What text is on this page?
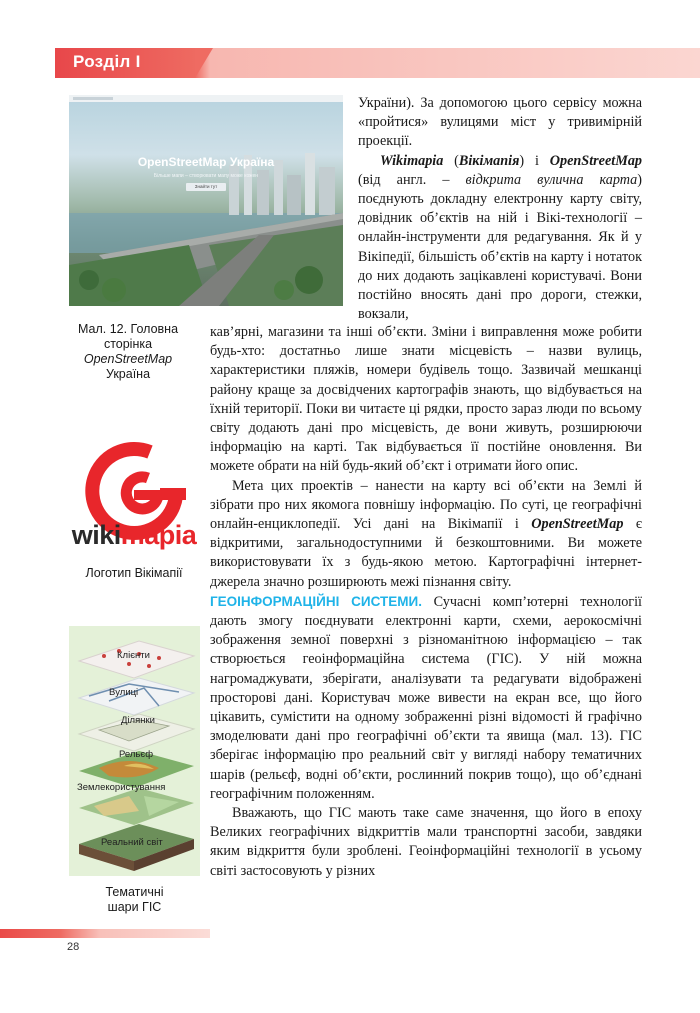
Розділ I
OpenStreetMap Україна
Більше мапи – створювати мапу може кожен
Знайти тут
Мал. 12. Головна
сторінка
OpenStreetMap
Україна
wikimapia
Логотип Вікімапії
Клієнти
Вулиці
Ділянки
Рельєф
Землекористування
Реальний світ
Тематичні
шари ГІС

України). За допомогою цього сервісу можна «пройтися» вулицями міст у тривимірній проекції.

Wikimapia (Вікімапія) і OpenStreetMap (від англ. – відкрита вулична карта) поєднують докладну електронну карту світу, довідник об’єктів на ній і Вікі-технології – онлайн-інструменти для редагування. Як й у Вікіпедії, більшість об’єктів на карту і нотаток до них додають зацікавлені користувачі. Вони постійно вносять дані про дороги, стежки, вокзали,

кав’ярні, магазини та інші об’єкти. Зміни і виправлення може робити будь-хто: достатньо лише знати місцевість – назви вулиць, характеристики пляжів, номери будівель тощо. Зазвичай мешканці району краще за досвідчених картографів знають, що відбувається на їхній території. Поки ви читаєте ці рядки, просто зараз люди по всьому світу додають дані про місцевість, де вони живуть, розширюючи інформацію на карті. Так відбувається її постійне оновлення. Ви можете обрати на ній будь-який об’єкт і отримати його опис.

Мета цих проектів – нанести на карту всі об’єкти на Землі й зібрати про них якомога повнішу інформацію. По суті, це географічні онлайн-енциклопедії. Усі дані на Вікімапії і OpenStreetMap є відкритими, загальнодоступними й безкоштовними. Ви можете використовувати їх з будь-якою метою. Картографічні інтернет-джерела значно розширюють межі пізнання світу.

ГЕОІНФОРМАЦІЙНІ СИСТЕМИ. Сучасні комп’ютерні технології дають змогу поєднувати електронні карти, схеми, аерокосмічні зображення земної поверхні з різноманітною інформацією – так створюється геоінформаційна система (ГІС). У ній можна нагромаджувати, зберігати, аналізувати та редагувати відображені просторові дані. Користувач може вивести на екран все, що його цікавить, сумістити на одному зображенні різні відомості й графічно змоделювати дані про географічні об’єкти та явища (мал. 13). ГІС зберігає інформацію про реальний світ у вигляді набору тематичних шарів (рельєф, водні об’єкти, рослинний покрив тощо), що об’єднані географічним положенням.

Вважають, що ГІС мають таке саме значення, що його в епоху Великих географічних відкриттів мали транспортні засоби, завдяки яким відкриття були зроблені. Геоінформаційні технології в усьому світі застосовують у різних

28
